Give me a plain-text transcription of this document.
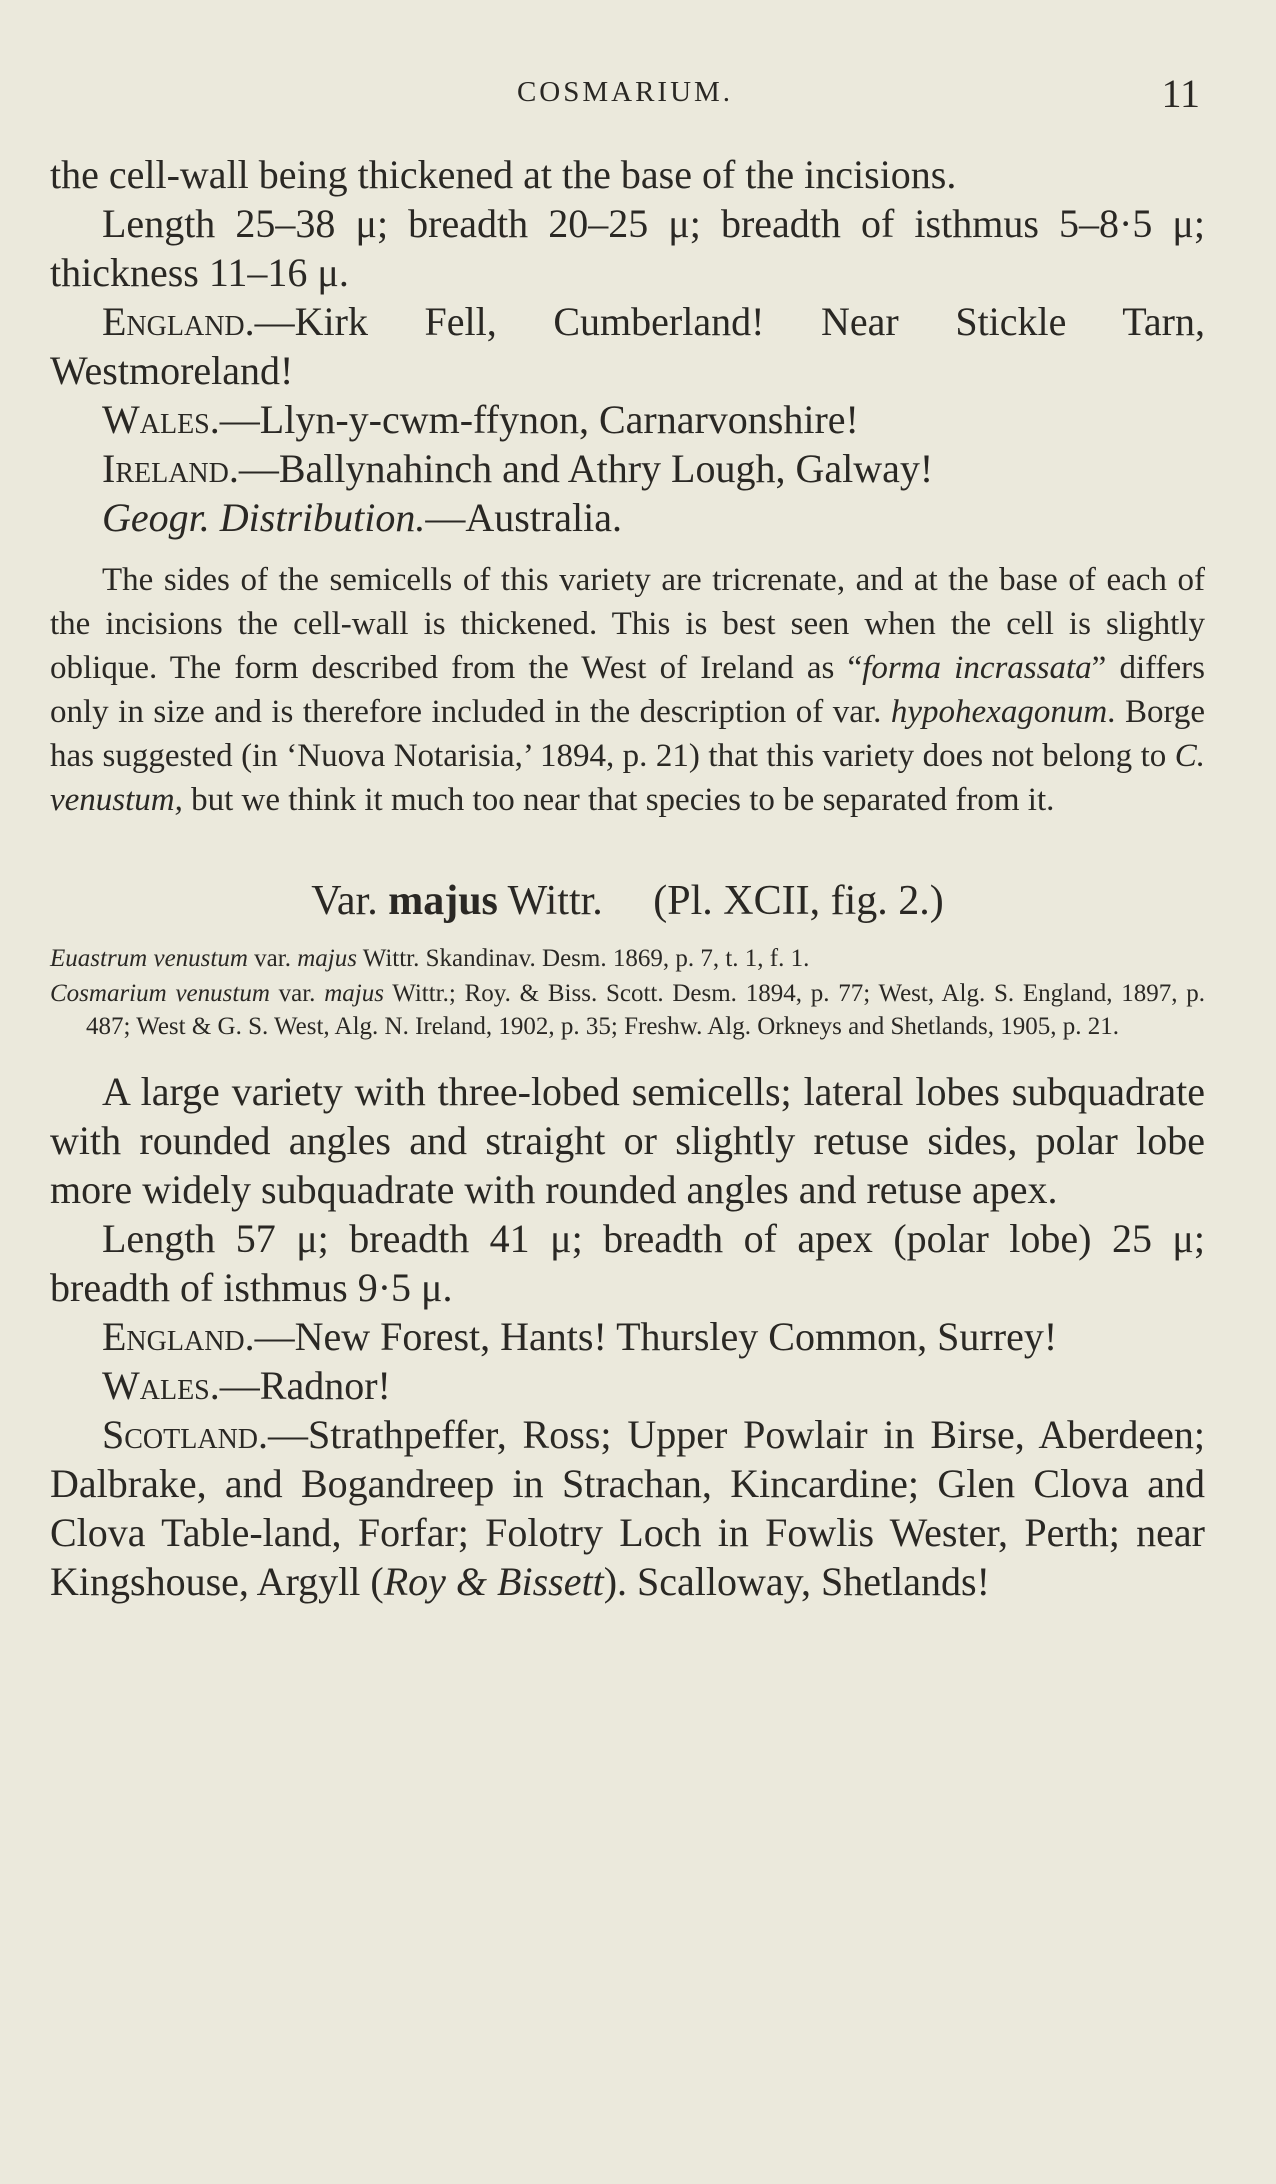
COSMARIUM.	11

the cell-wall being thickened at the base of the incisions.

Length 25–38 μ; breadth 20–25 μ; breadth of isthmus 5–8·5 μ; thickness 11–16 μ.

England.—Kirk Fell, Cumberland! Near Stickle Tarn, Westmoreland!

Wales.—Llyn-y-cwm-ffynon, Carnarvonshire!

Ireland.—Ballynahinch and Athry Lough, Galway!

Geogr. Distribution.—Australia.

The sides of the semicells of this variety are tricrenate, and at the base of each of the incisions the cell-wall is thickened. This is best seen when the cell is slightly oblique. The form described from the West of Ireland as “forma incrassata” differs only in size and is therefore included in the description of var. hypohexagonum. Borge has suggested (in ‘Nuova Notarisia,’ 1894, p. 21) that this variety does not belong to C. venustum, but we think it much too near that species to be separated from it.

Var. majus Wittr. (Pl. XCII, fig. 2.)

Euastrum venustum var. majus Wittr. Skandinav. Desm. 1869, p. 7, t. 1, f. 1.

Cosmarium venustum var. majus Wittr.; Roy. & Biss. Scott. Desm. 1894, p. 77; West, Alg. S. England, 1897, p. 487; West & G. S. West, Alg. N. Ireland, 1902, p. 35; Freshw. Alg. Orkneys and Shetlands, 1905, p. 21.

A large variety with three-lobed semicells; lateral lobes subquadrate with rounded angles and straight or slightly retuse sides, polar lobe more widely subquadrate with rounded angles and retuse apex.

Length 57 μ; breadth 41 μ; breadth of apex (polar lobe) 25 μ; breadth of isthmus 9·5 μ.

England.—New Forest, Hants! Thursley Common, Surrey!

Wales.—Radnor!

Scotland.—Strathpeffer, Ross; Upper Powlair in Birse, Aberdeen; Dalbrake, and Bogandreep in Strachan, Kincardine; Glen Clova and Clova Table-land, Forfar; Folotry Loch in Fowlis Wester, Perth; near Kingshouse, Argyll (Roy & Bissett). Scalloway, Shetlands!
